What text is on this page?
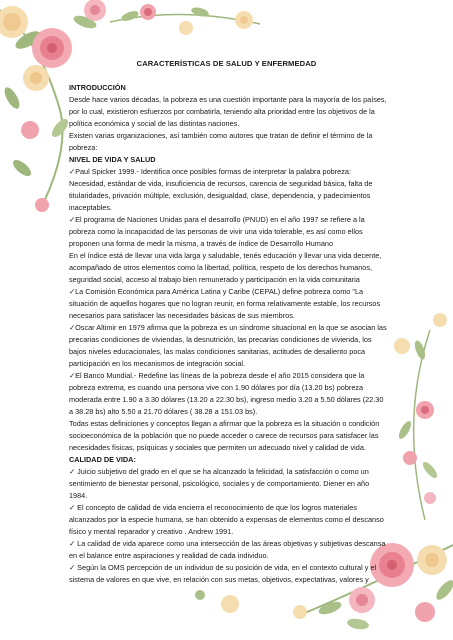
CARACTERÍSTICAS DE SALUD Y ENFERMEDAD

INTRODUCCIÓN

Desde hace varios décadas, la pobreza es una cuestión importante para la mayoría de los países,

por lo cual, existieron esfuerzos por combatirla, teniendo alta prioridad entre los objetivos de la

política económica y social de las distintas naciones.

Existen varias organizaciones, así también como autores que tratan de definir el término de la

pobreza:

NIVEL DE VIDA Y SALUD

✓Paul Spicker 1999.- Identifica once posibles formas de interpretar la palabra pobreza:

Necesidad, estándar de vida, insuficiencia de recursos, carencia de seguridad básica, falta de

titularidades, privación múltiple, exclusión, desigualdad, clase, dependencia, y padecimientos

inaceptables.

✓El programa de Naciones Unidas para el desarrollo (PNUD) en el año 1997 se refiere a la

pobreza como la incapacidad de las personas de vivir una vida tolerable, es así como ellos

proponen una forma de medir la misma, a través de índice de Desarrollo Humano

En el índice está de llevar una vida larga y saludable, tenés educación y llevar una vida decente,

acompañado de otros elementos como la libertad, política, respeto de los derechos humanos,

seguridad social, acceso al trabajo bien remunerado y participación en la vida comunitaria

✓La Comisión Económica para América Latina y Caribe (CEPAL) define pobreza como "La

situación de aquellos hogares que no logran reunir, en forma relativamente estable, los recursos

necesarios para satisfacer las necesidades básicas de sus miembros.

✓Oscar Altimir en 1979 afirma que la pobreza es un síndrome situacional en la que se asocian las

precarias condiciones de viviendas, la desnutrición, las precarias condiciones de vivienda, los

bajos niveles educacionales, las malas condiciones sanitarias, actitudes de desaliento poca

participación en los mecanismos de integración social.

✓El Banco Mundial.- Redefine las líneas de la pobreza desde el año 2015 considera que la

pobreza extrema, es cuando una persona vive con 1.90 dólares por día (13.20 bs) pobreza

moderada entre 1.90 a 3.30 dólares (13.20 a 22.30 bs), ingreso medio 3.20 a 5.50 dólares (22.30

a 38.28 bs) alto 5.50 a 21.70 dólares ( 38.28 a 151.03 bs).

Todas estas definiciones y conceptos llegan a afirmar que la pobreza es la situación o condición

socioeconómica de la población que no puede acceder o carece de recursos para satisfacer las

necesidades físicas, psíquicas y sociales que permiten un adecuado nivel y calidad de vida.

CALIDAD DE VIDA:

✓ Juicio subjetivo del grado en el que se ha alcanzado la felicidad, la satisfacción o como un

sentimiento de bienestar personal, psicológico, sociales y de comportamiento. Diener en año

1984.

✓ El concepto de calidad de vida encierra el reconocimiento de que los logros materiales

alcanzados por la especie humana, se han obtenido a expensas de elementos como el descanso

físico y mental reparador y creativo . Andrew 1991.

✓ La calidad de vida aparece como una intersección de las áreas objetivas y subjetivas descansa

en el balance entre aspiraciones y realidad de cada individuo.

✓ Según la OMS percepción de un individuo de su posición de vida, en el contexto cultural y el

sistema de valores en que vive, en relación con sus metas, objetivos, expectativas, valores y
